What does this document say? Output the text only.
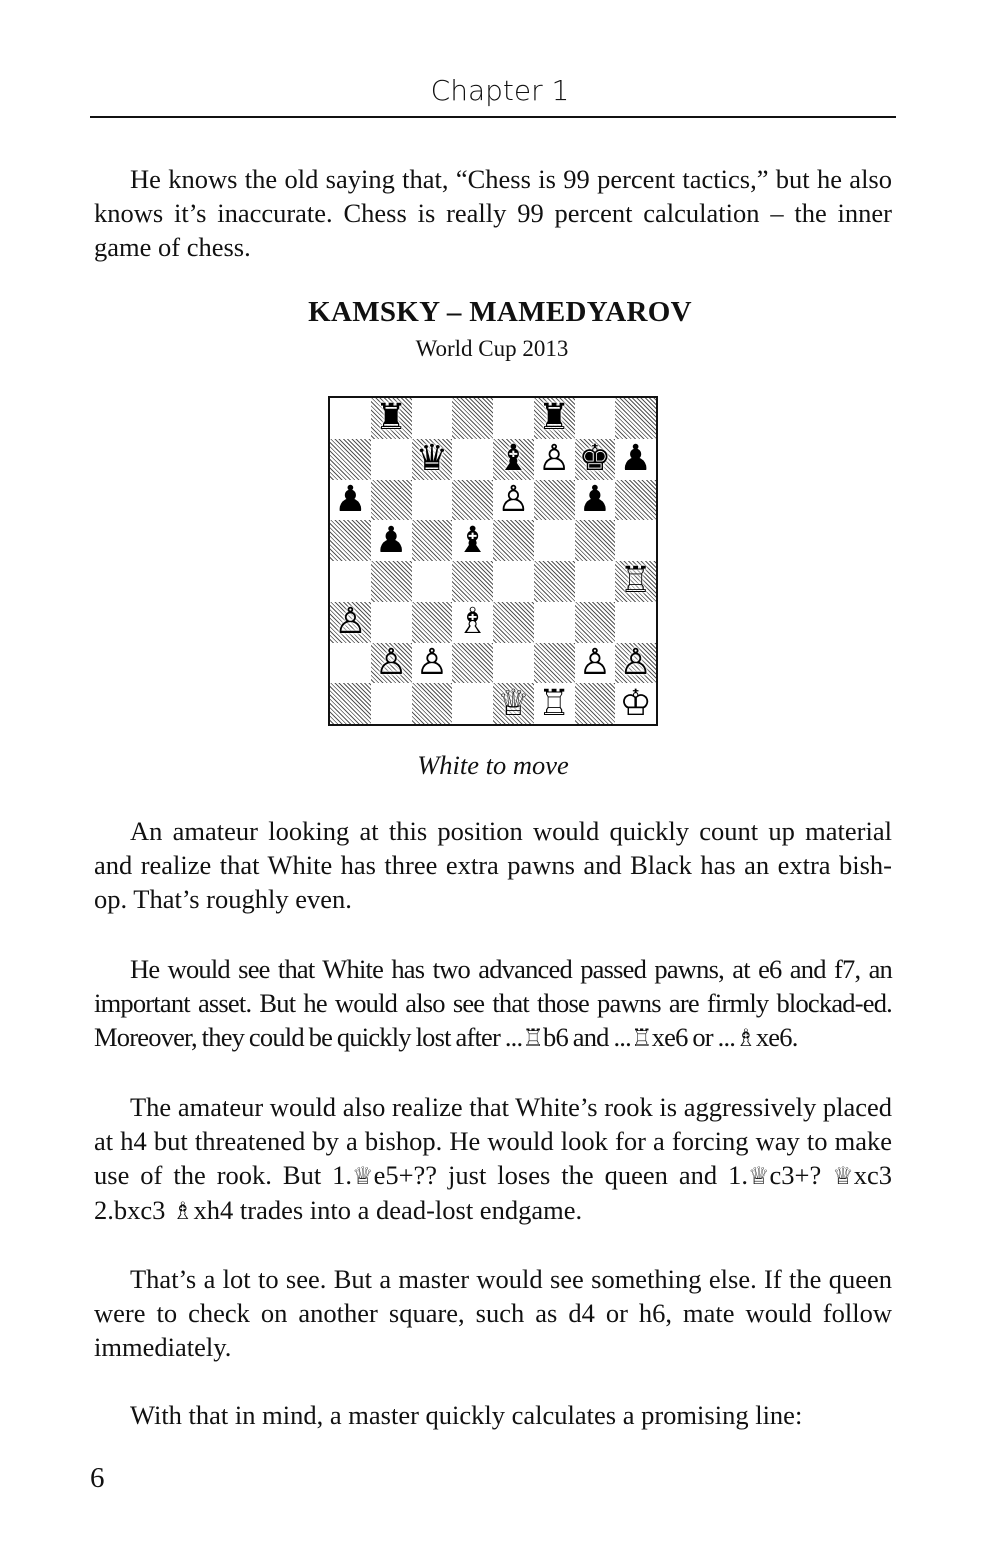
Chapter 1

He knows the old saying that, “Chess is 99 percent tactics,” but he also knows it’s inaccurate. Chess is really 99 percent calculation – the inner game of chess.

KAMSKY – MAMEDYAROV
World Cup 2013
♜	♜
♛ ♝ ♙ ♚ ♟
♟	♙ ♟
♟ ♝
♖
♙ ♗
♙ ♙	♙ ♙
♕ ♖ ♔
White to move

An amateur looking at this position would quickly count up material and realize that White has three extra pawns and Black has an extra bish-op. That’s roughly even.

He would see that White has two advanced passed pawns, at e6 and f7, an important asset. But he would also see that those pawns are firmly blockad-ed. Moreover, they could be quickly lost after ...♖b6 and ...♖xe6 or ...♗xe6.

The amateur would also realize that White’s rook is aggressively placed at h4 but threatened by a bishop. He would look for a forcing way to make use of the rook. But 1.♕e5+?? just loses the queen and 1.♕c3+? ♕xc3 2.bxc3 ♗xh4 trades into a dead-lost endgame.

That’s a lot to see. But a master would see something else. If the queen were to check on another square, such as d4 or h6, mate would follow immediately.

With that in mind, a master quickly calculates a promising line:

6
